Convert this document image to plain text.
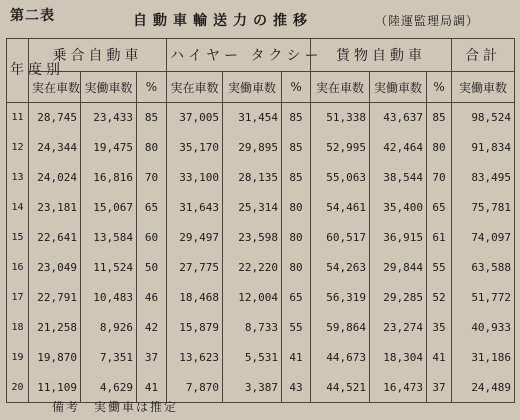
第二表	自動車輸送力の推移	（陸運監理局調）
年度別	乗合自動車			ハイヤー タクシー			貨物自動車			合計
	実在車数	実働車数	%	実在車数	実働車数	%	実在車数	実働車数	%	実働車数
11	28,745	23,433	85	37,005	31,454	85	51,338	43,637	85	98,524
12	24,344	19,475	80	35,170	29,895	85	52,995	42,464	80	91,834
13	24,024	16,816	70	33,100	28,135	85	55,063	38,544	70	83,495
14	23,181	15,067	65	31,643	25,314	80	54,461	35,400	65	75,781
15	22,641	13,584	60	29,497	23,598	80	60,517	36,915	61	74,097
16	23,049	11,524	50	27,775	22,220	80	54,263	29,844	55	63,588
17	22,791	10,483	46	18,468	12,004	65	56,319	29,285	52	51,772
18	21,258	8,926	42	15,879	8,733	55	59,864	23,274	35	40,933
19	19,870	7,351	37	13,623	5,531	41	44,673	18,304	41	31,186
20	11,109	4,629	41	7,870	3,387	43	44,521	16,473	37	24,489
備考　実働車は推定
